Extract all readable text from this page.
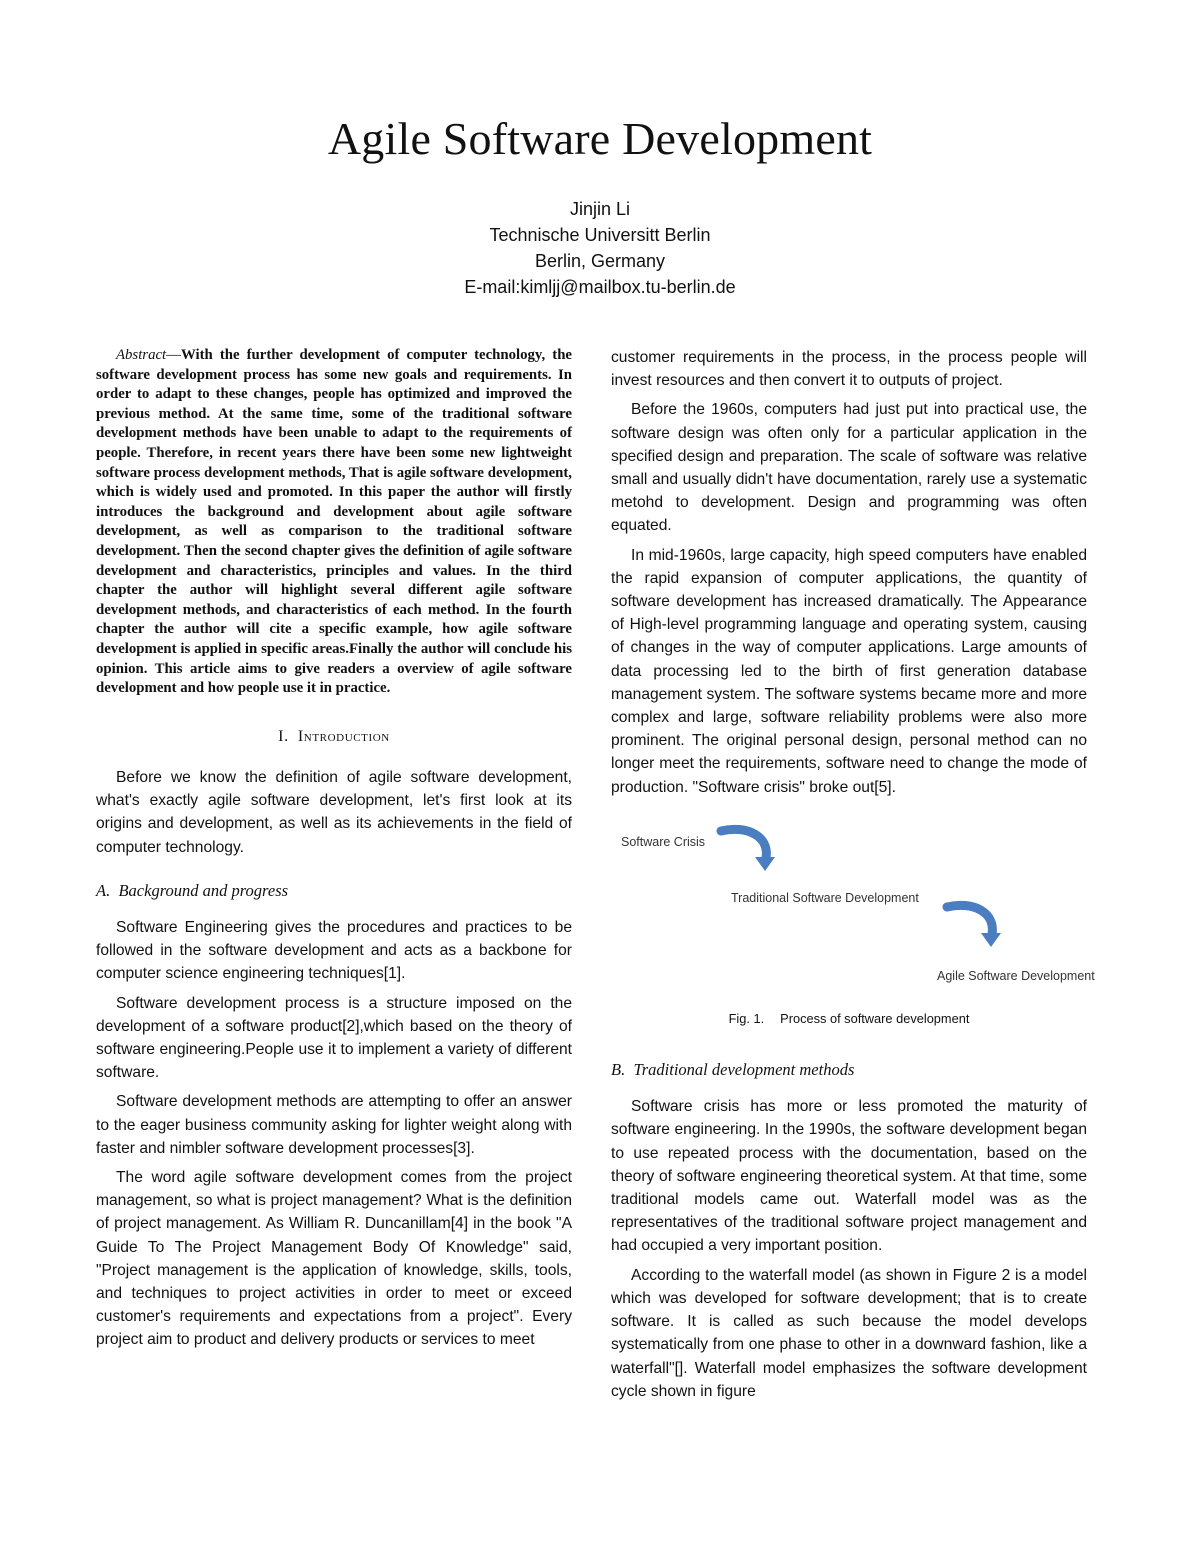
Agile Software Development
Jinjin Li
Technische Universitt Berlin
Berlin, Germany
E-mail:kimljj@mailbox.tu-berlin.de

Abstract—With the further development of computer technology, the software development process has some new goals and requirements. In order to adapt to these changes, people has optimized and improved the previous method. At the same time, some of the traditional software development methods have been unable to adapt to the requirements of people. Therefore, in recent years there have been some new lightweight software process development methods, That is agile software development, which is widely used and promoted. In this paper the author will firstly introduces the background and development about agile software development, as well as comparison to the traditional software development. Then the second chapter gives the definition of agile software development and characteristics, principles and values. In the third chapter the author will highlight several different agile software development methods, and characteristics of each method. In the fourth chapter the author will cite a specific example, how agile software development is applied in specific areas.Finally the author will conclude his opinion. This article aims to give readers a overview of agile software development and how people use it in practice.

I. Introduction

Before we know the definition of agile software development, what's exactly agile software development, let's first look at its origins and development, as well as its achievements in the field of computer technology.

A. Background and progress

Software Engineering gives the procedures and practices to be followed in the software development and acts as a backbone for computer science engineering techniques[1].

Software development process is a structure imposed on the development of a software product[2],which based on the theory of software engineering.People use it to implement a variety of different software.

Software development methods are attempting to offer an answer to the eager business community asking for lighter weight along with faster and nimbler software development processes[3].

The word agile software development comes from the project management, so what is project management? What is the definition of project management. As William R. Duncanillam[4] in the book "A Guide To The Project Management Body Of Knowledge" said, "Project management is the application of knowledge, skills, tools, and techniques to project activities in order to meet or exceed customer's requirements and expectations from a project". Every project aim to product and delivery products or services to meet

customer requirements in the process, in the process people will invest resources and then convert it to outputs of project.

Before the 1960s, computers had just put into practical use, the software design was often only for a particular application in the specified design and preparation. The scale of software was relative small and usually didn't have documentation, rarely use a systematic metohd to development. Design and programming was often equated.

In mid-1960s, large capacity, high speed computers have enabled the rapid expansion of computer applications, the quantity of software development has increased dramatically. The Appearance of High-level programming language and operating system, causing of changes in the way of computer applications. Large amounts of data processing led to the birth of first generation database management system. The software systems became more and more complex and large, software reliability problems were also more prominent. The original personal design, personal method can no longer meet the requirements, software need to change the mode of production. "Software crisis" broke out[5].

Software Crisis
Traditional Software Development
Agile Software Development
Fig. 1. Process of software development
B. Traditional development methods

Software crisis has more or less promoted the maturity of software engineering. In the 1990s, the software development began to use repeated process with the documentation, based on the theory of software engineering theoretical system. At that time, some traditional models came out. Waterfall model was as the representatives of the traditional software project management and had occupied a very important position.

According to the waterfall model (as shown in Figure 2 is a model which was developed for software development; that is to create software. It is called as such because the model develops systematically from one phase to other in a downward fashion, like a waterfall"[]. Waterfall model emphasizes the software development cycle shown in figure
